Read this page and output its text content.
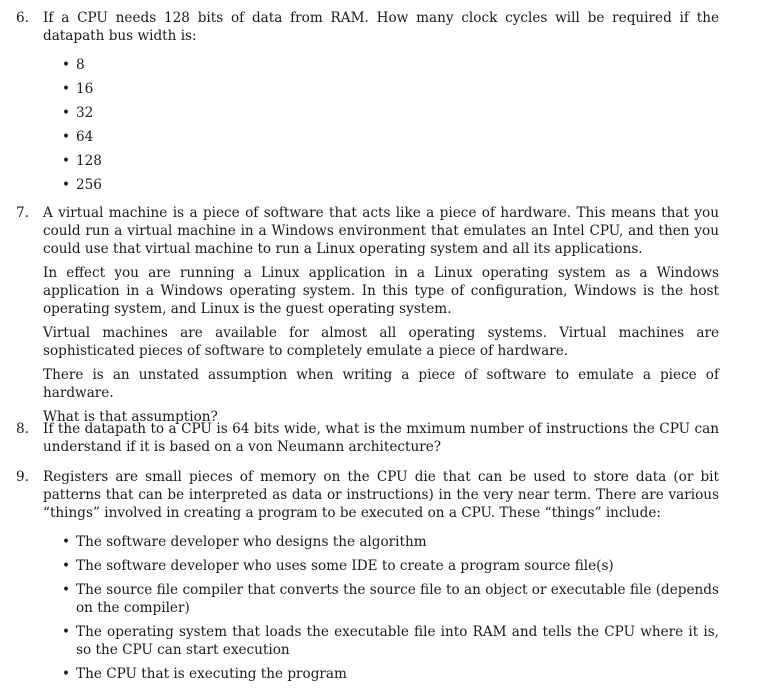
6.	If a CPU needs 128 bits of data from RAM. How many clock cycles will be required if the datapath bus width is:

• 8
• 16
• 32
• 64
• 128
• 256
7.	A virtual machine is a piece of software that acts like a piece of hardware. This means that you could run a virtual machine in a Windows environment that emulates an Intel CPU, and then you could use that virtual machine to run a Linux operating system and all its applications.

In effect you are running a Linux application in a Linux operating system as a Windows application in a Windows operating system. In this type of configuration, Windows is the host operating system, and Linux is the guest operating system.

Virtual machines are available for almost all operating systems. Virtual machines are sophisticated pieces of software to completely emulate a piece of hardware.

There is an unstated assumption when writing a piece of software to emulate a piece of hardware.

What is that assumption?

8.	If the datapath to a CPU is 64 bits wide, what is the mximum number of instructions the CPU can understand if it is based on a von Neumann architecture?

9.	Registers are small pieces of memory on the CPU die that can be used to store data (or bit patterns that can be interpreted as data or instructions) in the very near term. There are various “things” involved in creating a program to be executed on a CPU. These “things” include:

• The software developer who designs the algorithm
• The software developer who uses some IDE to create a program source file(s)
• The source file compiler that converts the source file to an object or executable file (depends on the compiler)
• The operating system that loads the executable file into RAM and tells the CPU where it is, so the CPU can start execution
• The CPU that is executing the program
